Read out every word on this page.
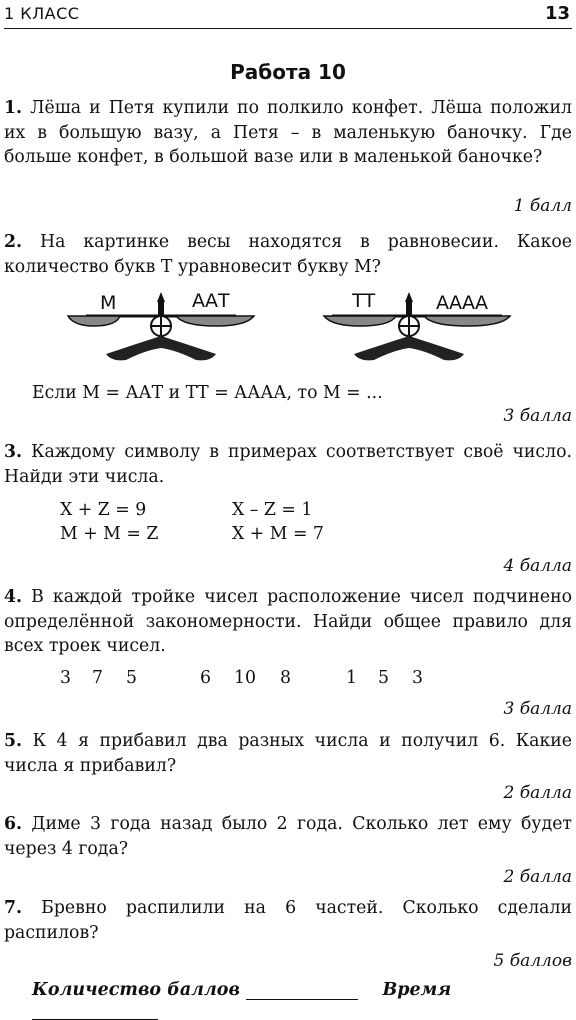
1 КЛАСС	13
Работа 10

1. Лёша и Петя купили по полкило конфет. Лёша положил их в большую вазу, а Петя – в маленькую баночку. Где больше конфет, в большой вазе или в маленькой баночке?

1 балл

2. На картинке весы находятся в равновесии. Какое количество букв Т уравновесит букву М?

М	ААТ	ТТ	АААА

Если М = ААТ и ТТ = АААА, то М = ...

3 балла

3. Каждому символу в примерах соответствует своё число. Найди эти числа.

X + Z = 9
M + M = Z
X – Z = 1
X + M = 7
4 балла

4. В каждой тройке чисел расположение чисел подчинено определённой закономерности. Найди общее правило для всех троек чисел.

3 7 5	6 10 8	1 5 3
3 балла

5. К 4 я прибавил два разных числа и получил 6. Какие числа я прибавил?

2 балла

6. Диме 3 года назад было 2 года. Сколько лет ему будет через 4 года?

2 балла

7. Бревно распилили на 6 частей. Сколько сделали распилов?

5 баллов
Количество баллов	Время
